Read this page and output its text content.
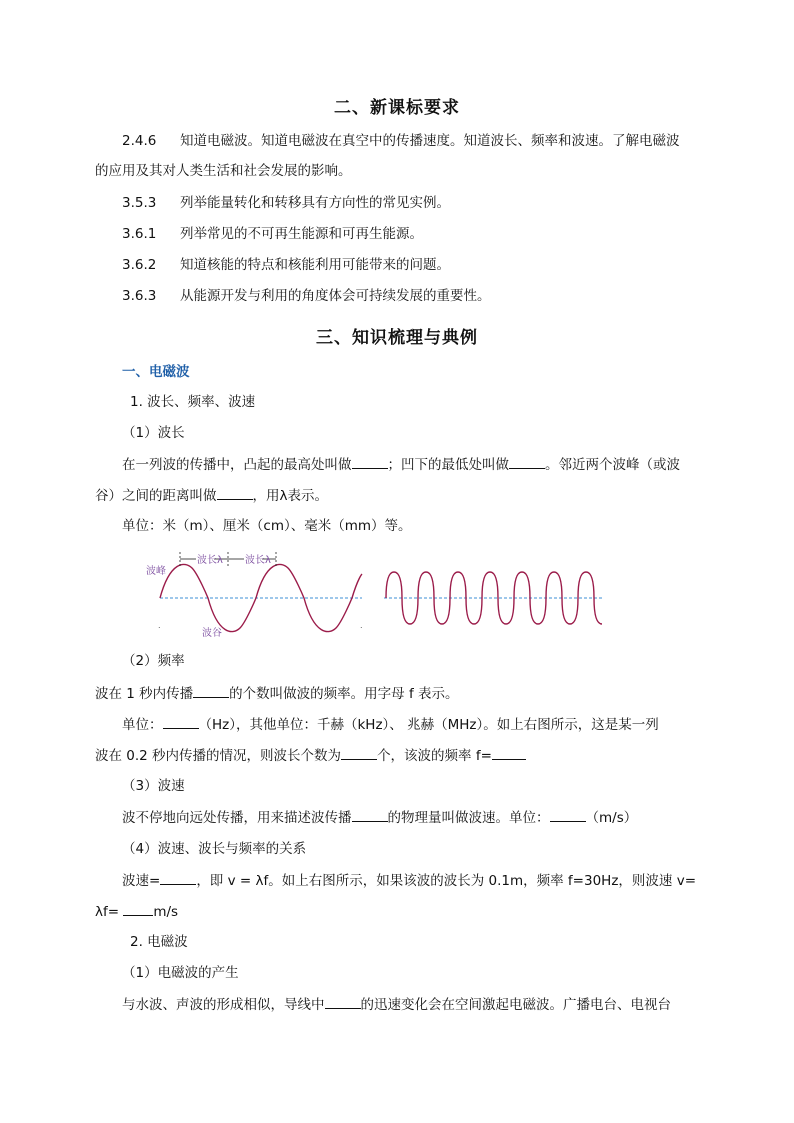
二、新课标要求
2.4.6 知道电磁波。知道电磁波在真空中的传播速度。知道波长、频率和波速。了解电磁波
的应用及其对人类生活和社会发展的影响。
3.5.3 列举能量转化和转移具有方向性的常见实例。
3.6.1 列举常见的不可再生能源和可再生能源。
3.6.2 知道核能的特点和核能利用可能带来的问题。
3.6.3 从能源开发与利用的角度体会可持续发展的重要性。
三、知识梳理与典例
一、电磁波
1. 波长、频率、波速
（1）波长
在一列波的传播中，凸起的最高处叫做	；凹下的最低处叫做	。邻近两个波峰（或波
谷）之间的距离叫做	，用λ表示。
单位：米（m）、厘米（cm）、毫米（mm）等。
波长λ 波长λ
波峰
波谷
.	.
（2）频率
波在 1 秒内传播	的个数叫做波的频率。用字母 f 表示。
单位：	（Hz），其他单位：千赫（kHz）、 兆赫（MHz）。如上右图所示，这是某一列
波在 0.2 秒内传播的情况，则波长个数为	个，该波的频率 f=
（3）波速
波不停地向远处传播，用来描述波传播	的物理量叫做波速。单位：	（m/s）
（4）波速、波长与频率的关系
波速=	，即 v = λf。如上右图所示，如果该波的波长为 0.1m，频率 f=30Hz，则波速 v=
λf=	m/s
2. 电磁波
（1）电磁波的产生
与水波、声波的形成相似，导线中	的迅速变化会在空间激起电磁波。广播电台、电视台
